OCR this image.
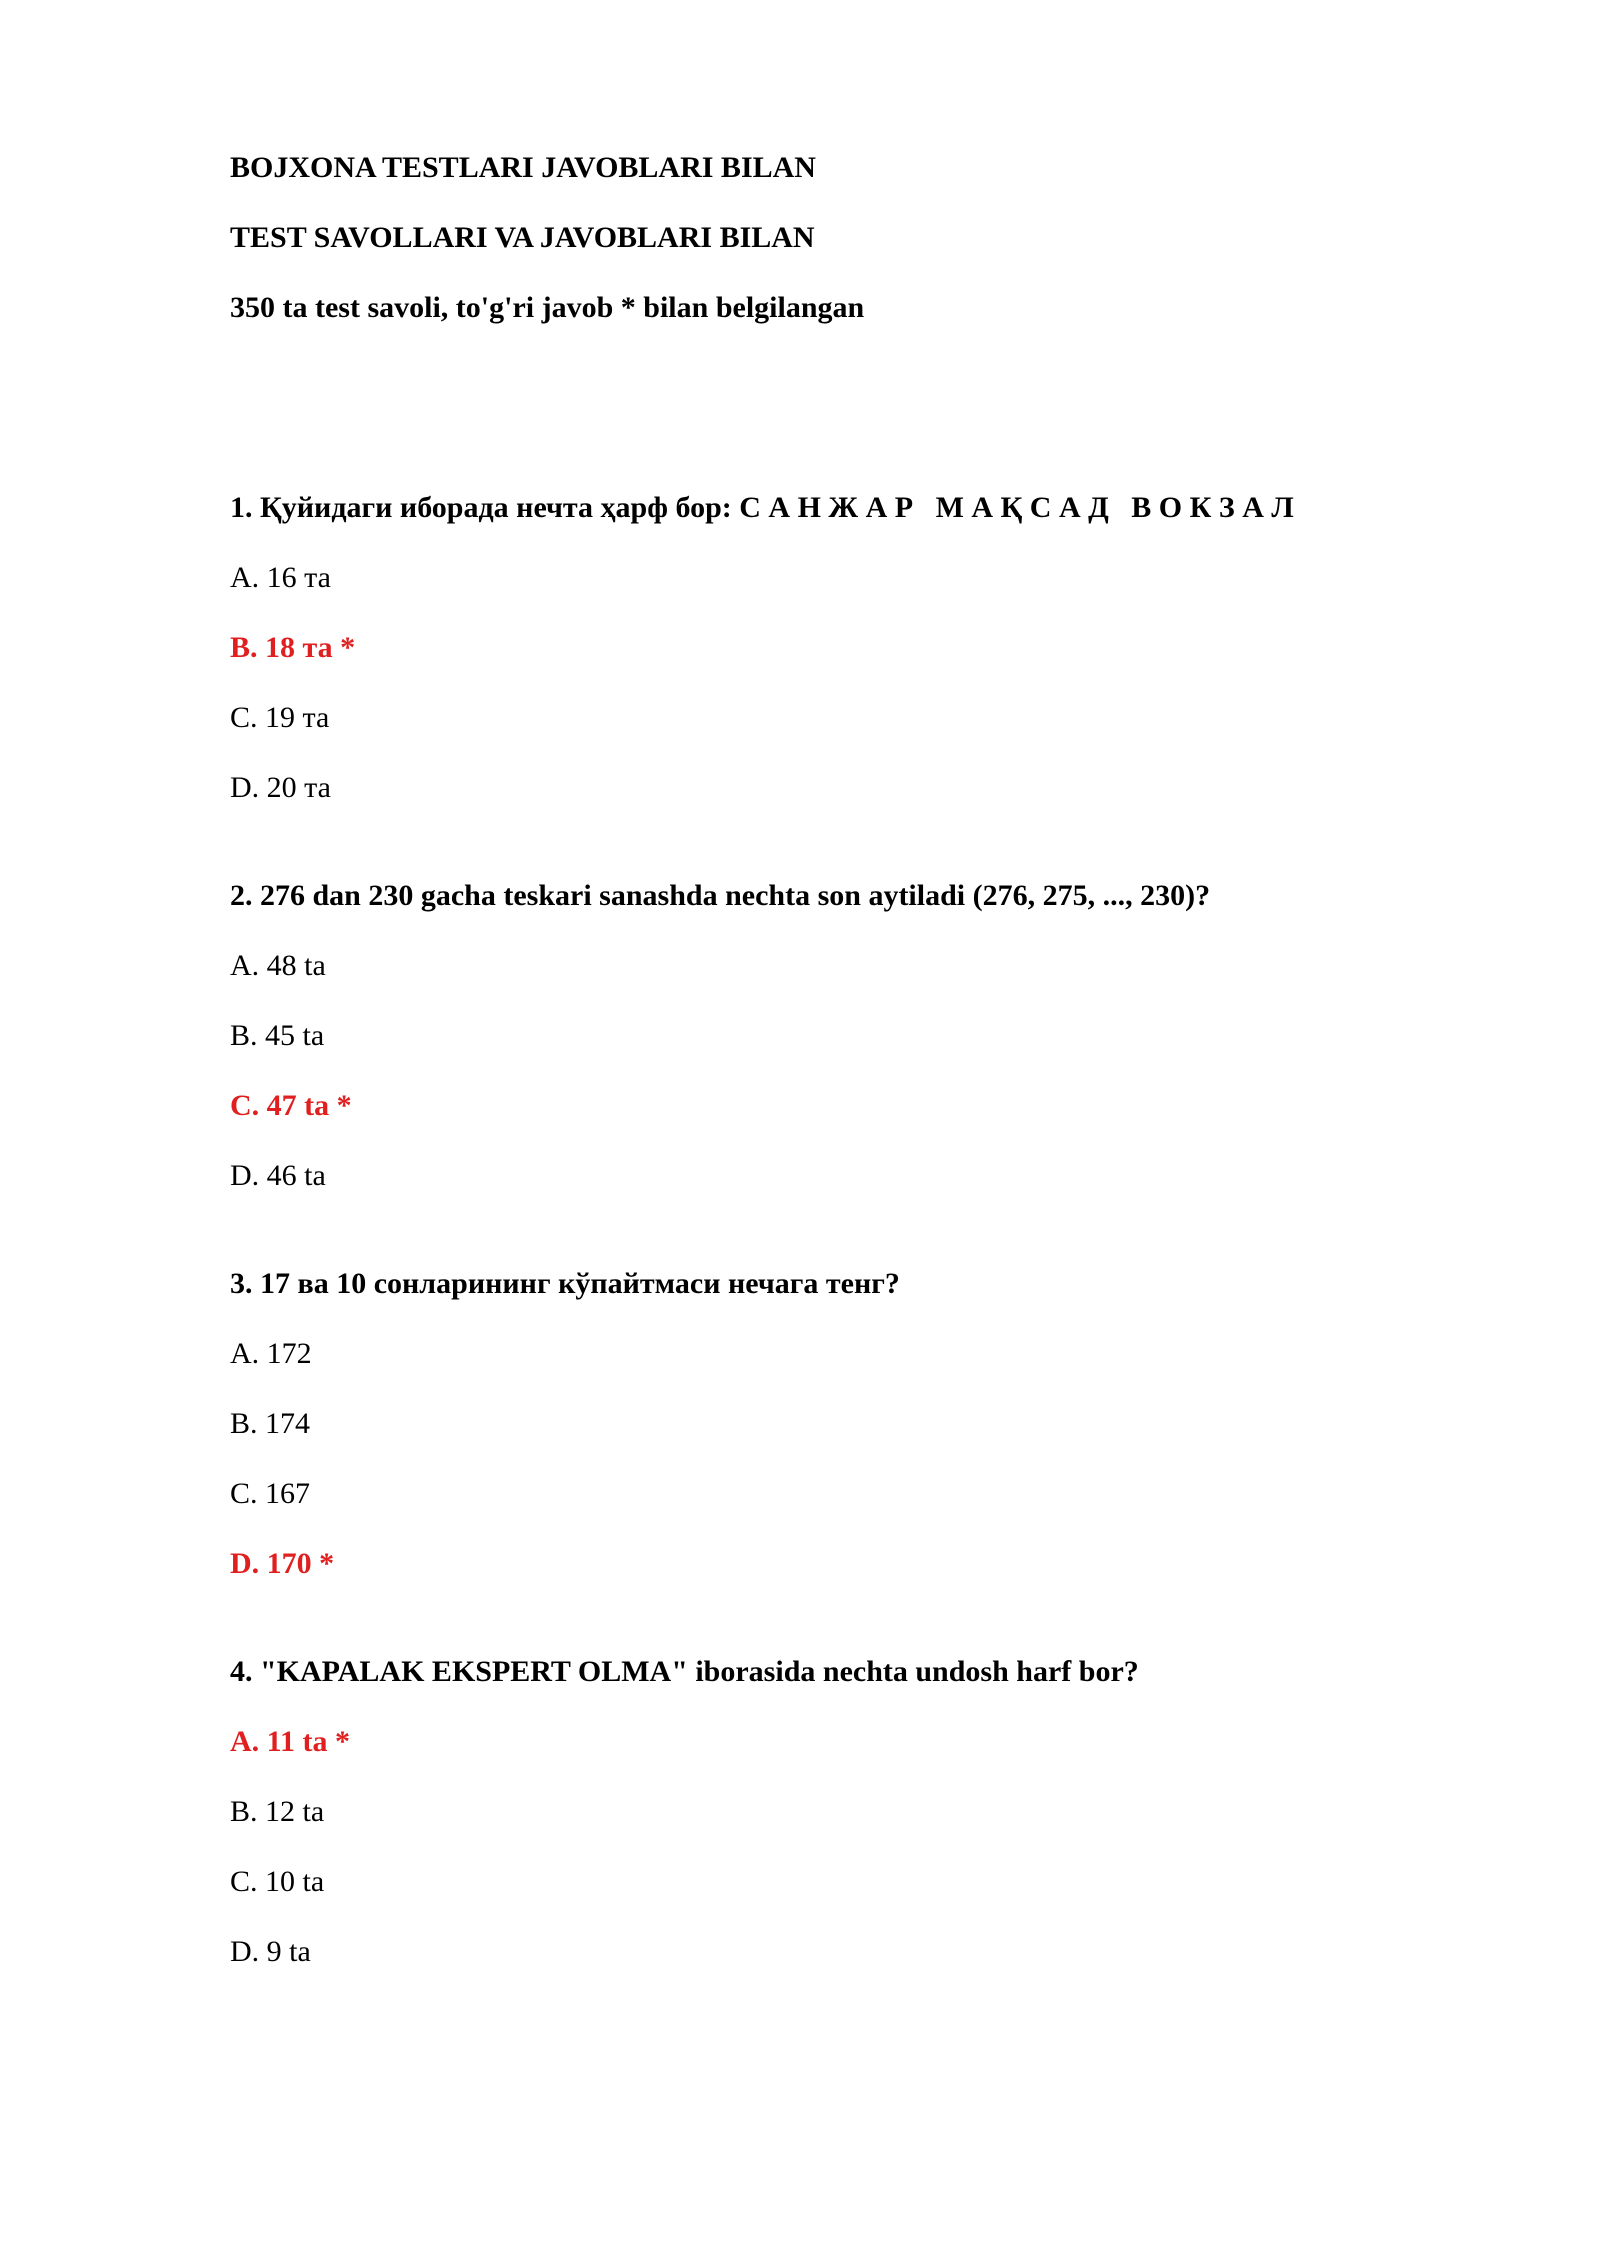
BOJXONA TESTLARI JAVOBLARI BILAN
TEST SAVOLLARI VA JAVOBLARI BILAN
350 ta test savoli, to'g'ri javob * bilan belgilangan
1. Қуйидаги иборада нечта ҳарф бор: С А Н Ж А Р   М А Қ С А Д   В О К З А Л
A. 16 та
B. 18 та *
C. 19 та
D. 20 та
2. 276 dan 230 gacha teskari sanashda nechta son aytiladi (276, 275, ..., 230)?
A. 48 ta
B. 45 ta
C. 47 ta *
D. 46 ta
3. 17 ва 10 сонларининг кўпайтмаси нечага тенг?
A. 172
B. 174
C. 167
D. 170 *
4. "KAPALAK EKSPERT OLMA" iborasida nechta undosh harf bor?
A. 11 ta *
B. 12 ta
C. 10 ta
D. 9 ta
